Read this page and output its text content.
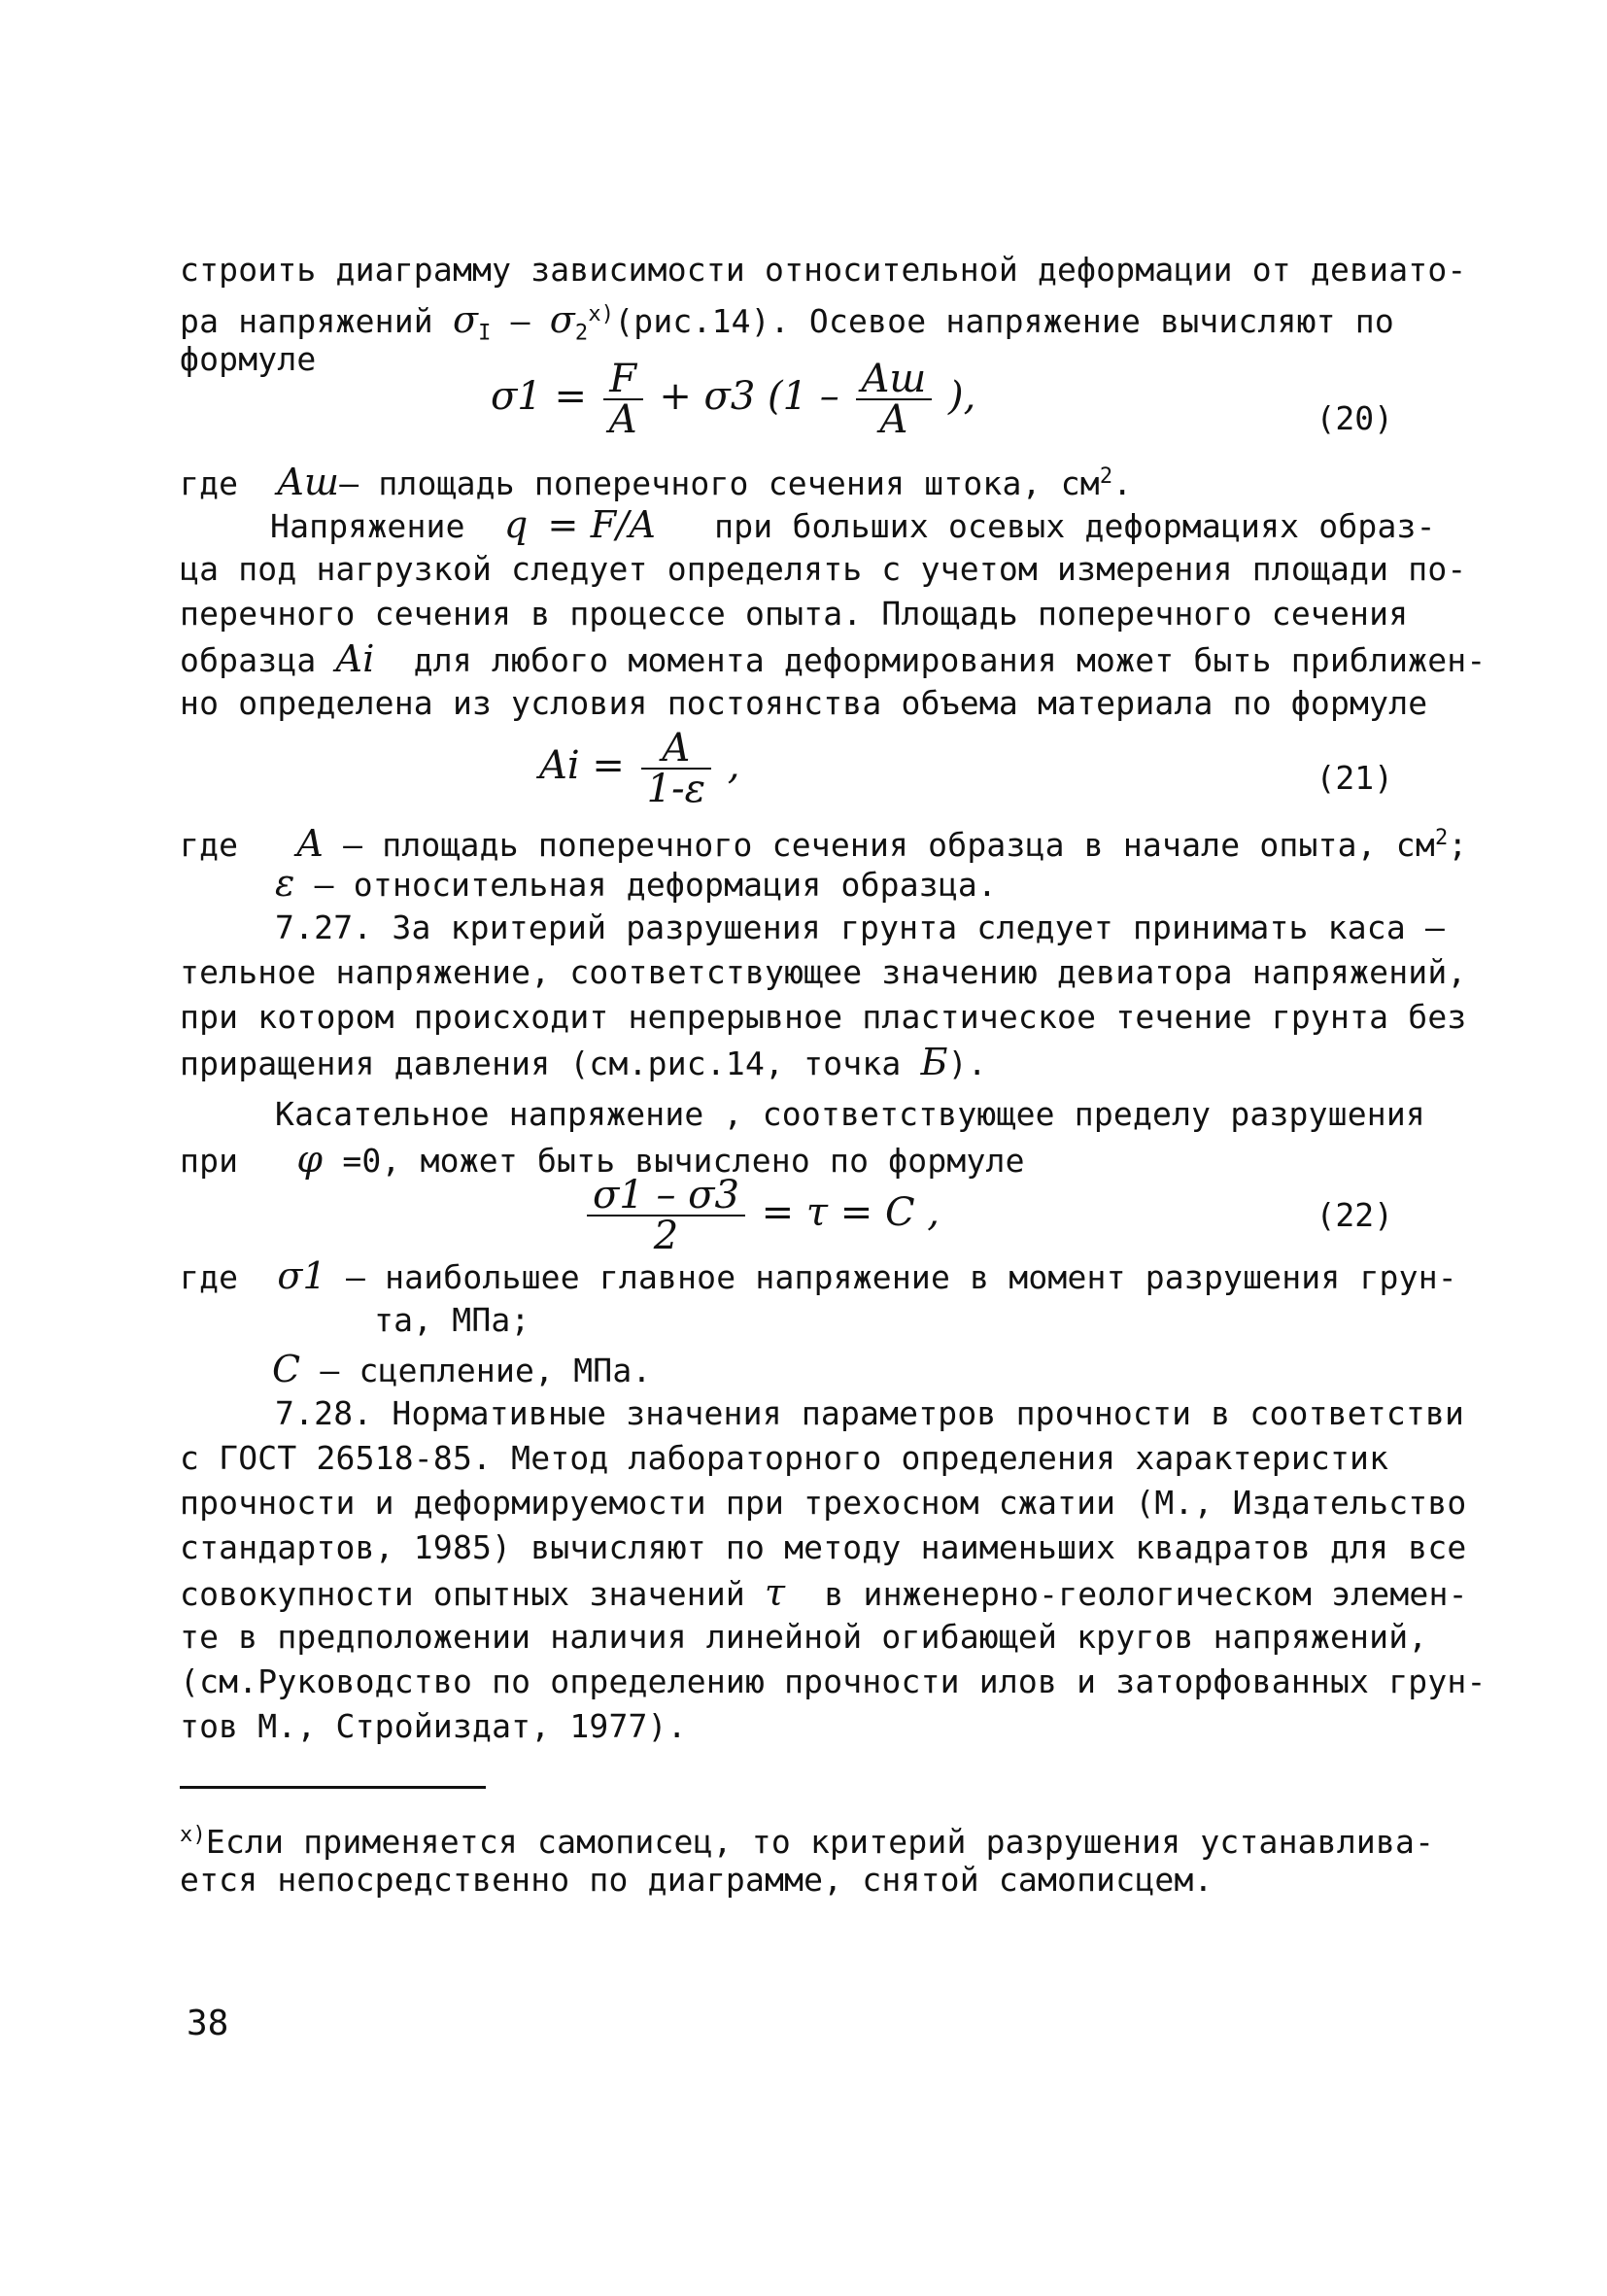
строить диаграмму зависимости относительной деформации от девиато-
ра напряжений $\sigma_I - \sigma_2^{x)}(рис.14)$. Осевое напряжение вычисляют по
формуле
$\sigma 1 = \frac{F}{A} + \sigma 3$ ($1 - \frac{Aш}{A}$ ),	(20)
где  Aш– площадь поперечного сечения штока, $см^2$.
Напряжение  q = F/A при больших осевых деформациях образ-
ца под нагрузкой следует определять с учетом измерения площади по-
перечного сечения в процессе опыта. Площадь поперечного сечения
образца Ai для любого момента деформирования может быть приближен-
но определена из условия постоянства объема материала по формуле
$Ai = \frac{A}{1-\varepsilon}$ ,	(21)
где   A – площадь поперечного сечения образца в начале опыта, $см^2$;
ε – относительная деформация образца.
7.27. За критерий разрушения грунта следует принимать каса –
тельное напряжение, соответствующее значению девиатора напряжений,
при котором происходит непрерывное пластическое течение грунта без
приращения давления (см.рис.14, точка Б).
Касательное напряжение , соответствующее пределу разрушения
при   φ =0, может быть вычислено по формуле
$\frac{\sigma 1 - \sigma 3}{2} = \tau = C$ ,	(22)
где  σ1 – наибольшее главное напряжение в момент разрушения грун-
та, МПа;
C – сцепление, МПа.
7.28. Нормативные значения параметров прочности в соответстви
с ГОСТ 26518-85. Метод лабораторного определения характеристик
прочности и деформируемости при трехосном сжатии (М., Издательство
стандартов, 1985) вычисляют по методу наименьших квадратов для все
совокупности опытных значений τ в инженерно-геологическом элемен-
те в предположении наличия линейной огибающей кругов напряжений,
(см.Руководство по определению прочности илов и заторфованных грун-
тов М., Стройиздат, 1977).
$^{x)}$Если применяется самописец, то критерий разрушения устанавлива-
ется непосредственно по диаграмме, снятой самописцем.
38
